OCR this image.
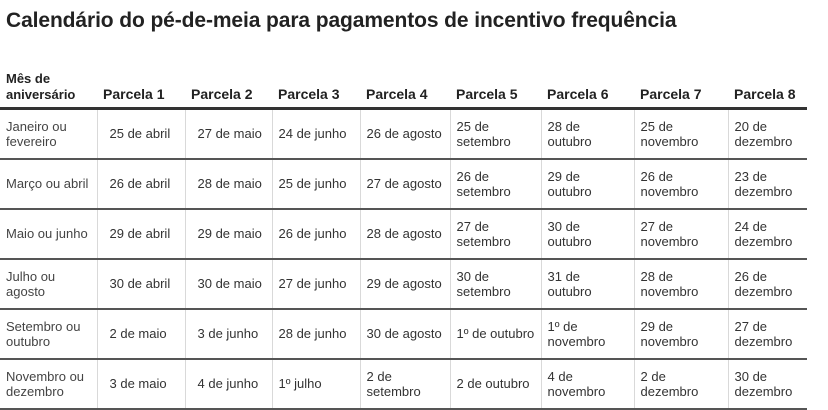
Calendário do pé-de-meia para pagamentos de incentivo frequência
Mês de aniversário	Parcela 1	Parcela 2	Parcela 3	Parcela 4	Parcela 5	Parcela 6	Parcela 7	Parcela 8
Janeiro ou fevereiro	25 de abril	27 de maio	24 de junho	26 de agosto	25 de setembro	28 de outubro	25 de novembro	20 de dezembro
Março ou abril	26 de abril	28 de maio	25 de junho	27 de agosto	26 de setembro	29 de outubro	26 de novembro	23 de dezembro
Maio ou junho	29 de abril	29 de maio	26 de junho	28 de agosto	27 de setembro	30 de outubro	27 de novembro	24 de dezembro
Julho ou agosto	30 de abril	30 de maio	27 de junho	29 de agosto	30 de setembro	31 de outubro	28 de novembro	26 de dezembro
Setembro ou outubro	2 de maio	3 de junho	28 de junho	30 de agosto	1º de outubro	1º de novembro	29 de novembro	27 de dezembro
Novembro ou dezembro	3 de maio	4 de junho	1º julho	2 de setembro	2 de outubro	4 de novembro	2 de dezembro	30 de dezembro
